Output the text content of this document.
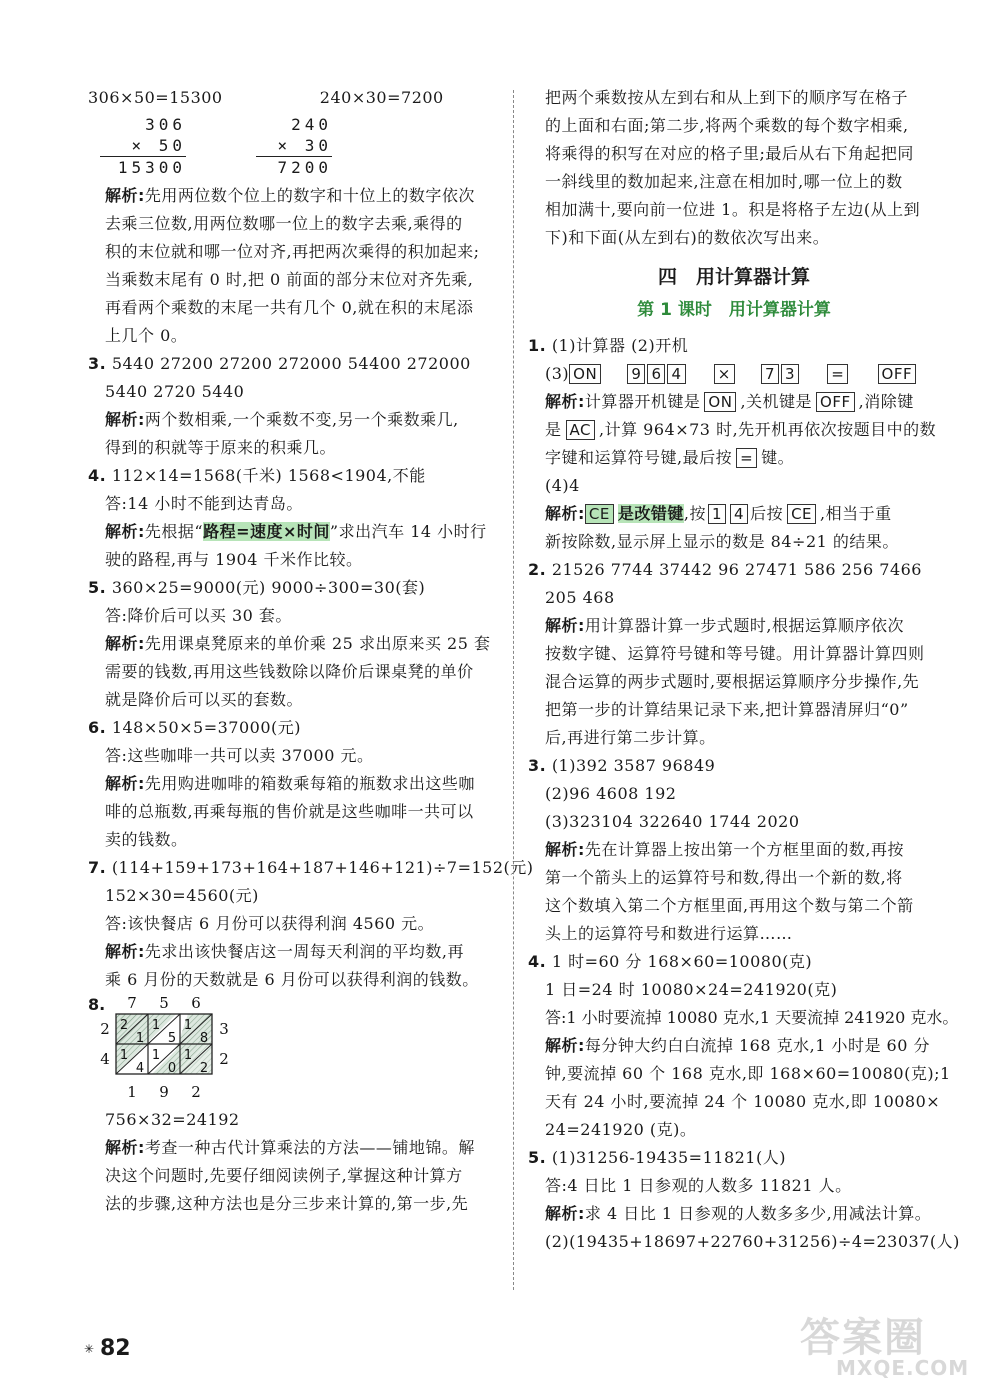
306×50=15300	240×30=7200
306
× 50
15300
240
× 30
7200
解析:先用两位数个位上的数字和十位上的数字依次
去乘三位数,用两位数哪一位上的数字去乘,乘得的
积的末位就和哪一位对齐,再把两次乘得的积加起来;
当乘数末尾有 0 时,把 0 前面的部分末位对齐先乘,
再看两个乘数的末尾一共有几个 0,就在积的末尾添
上几个 0。
3. 5440 27200 27200 272000 54400 272000
5440 2720 5440
解析:两个数相乘,一个乘数不变,另一个乘数乘几,
得到的积就等于原来的积乘几。
4. 112×14=1568(千米) 1568<1904,不能
答:14 小时不能到达青岛。
解析:先根据“路程=速度×时间”求出汽车 14 小时行
驶的路程,再与 1904 千米作比较。
5. 360×25=9000(元) 9000÷300=30(套)
答:降价后可以买 30 套。
解析:先用课桌凳原来的单价乘 25 求出原来买 25 套
需要的钱数,再用这些钱数除以降价后课桌凳的单价
就是降价后可以买的套数。
6. 148×50×5=37000(元)
答:这些咖啡一共可以卖 37000 元。
解析:先用购进咖啡的箱数乘每箱的瓶数求出这些咖
啡的总瓶数,再乘每瓶的售价就是这些咖啡一共可以
卖的钱数。
7. (114+159+173+164+187+146+121)÷7=152(元)
152×30=4560(元)
答:该快餐店 6 月份可以获得利润 4560 元。
解析:先求出该快餐店这一周每天利润的平均数,再
乘 6 月份的天数就是 6 月份可以获得利润的钱数。
8. 7 5 6
3
2
2
4
1 9 2
2
1
1
5
1
8
1
4
1
0
1
2
756×32=24192
解析:考查一种古代计算乘法的方法——铺地锦。解
决这个问题时,先要仔细阅读例子,掌握这种计算方
法的步骤,这种方法也是分三步来计算的,第一步,先
把两个乘数按从左到右和从上到下的顺序写在格子
的上面和右面;第二步,将两个乘数的每个数字相乘,
将乘得的积写在对应的格子里;最后从右下角起把同
一斜线里的数加起来,注意在相加时,哪一位上的数
相加满十,要向前一位进 1。积是将格子左边(从上到
下)和下面(从左到右)的数依次写出来。
四　用计算器计算
第 1 课时　用计算器计算
1. (1)计算器 (2)开机
(3) ON 9 6 4 × 7 3 = OFF
解析:计算器开机键是 ON ,关机键是 OFF ,消除键
是 AC ,计算 964×73 时,先开机再依次按题目中的数
字键和运算符号键,最后按 = 键。
(4)4
解析: CE 是改错键,按 1 4 后按 CE ,相当于重
新按除数,显示屏上显示的数是 84÷21 的结果。
2. 21526 7744 37442 96 27471 586 256 7466
205 468
解析:用计算器计算一步式题时,根据运算顺序依次
按数字键、运算符号键和等号键。用计算器计算四则
混合运算的两步式题时,要根据运算顺序分步操作,先
把第一步的计算结果记录下来,把计算器清屏归“0”
后,再进行第二步计算。
3. (1)392 3587 96849
(2)96 4608 192
(3)323104 322640 1744 2020
解析:先在计算器上按出第一个方框里面的数,再按
第一个箭头上的运算符号和数,得出一个新的数,将
这个数填入第二个方框里面,再用这个数与第二个箭
头上的运算符号和数进行运算……
4. 1 时=60 分 168×60=10080(克)
1 日=24 时 10080×24=241920(克)
答:1 小时要流掉 10080 克水,1 天要流掉 241920 克水。
解析:每分钟大约白白流掉 168 克水,1 小时是 60 分
钟,要流掉 60 个 168 克水,即 168×60=10080(克);1
天有 24 小时,要流掉 24 个 10080 克水,即 10080×
24=241920 (克)。
5. (1)31256-19435=11821(人)
答:4 日比 1 日参观的人数多 11821 人。
解析:求 4 日比 1 日参观的人数多多少,用减法计算。
(2)(19435+18697+22760+31256)÷4=23037(人)
✳ 82	答案圈
MXQE.COM
